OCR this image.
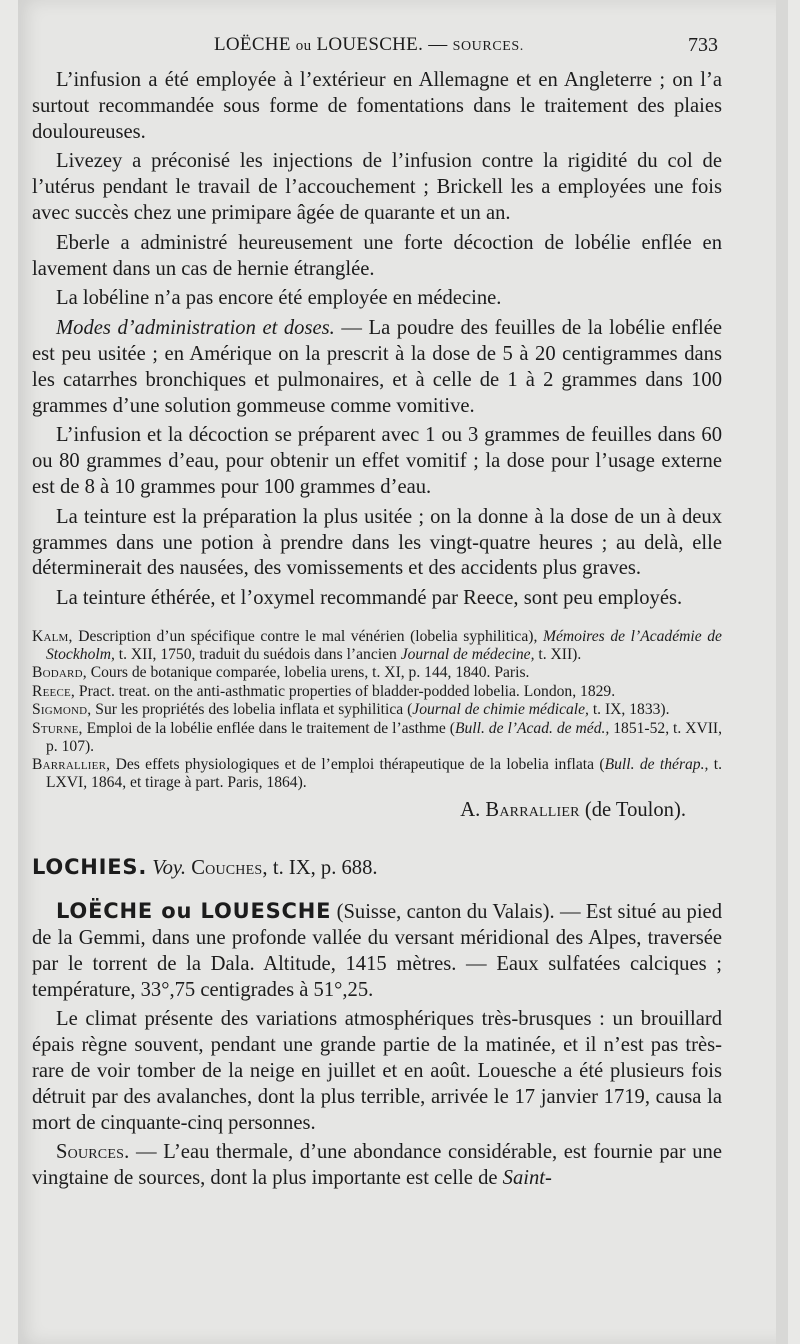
LOËCHE ou LOUESCHE. — SOURCES.	733

L’infusion a été employée à l’extérieur en Allemagne et en Angleterre ; on l’a surtout recommandée sous forme de fomentations dans le traitement des plaies douloureuses.

Livezey a préconisé les injections de l’infusion contre la rigidité du col de l’utérus pendant le travail de l’accouchement ; Brickell les a employées une fois avec succès chez une primipare âgée de quarante et un an.

Eberle a administré heureusement une forte décoction de lobélie enflée en lavement dans un cas de hernie étranglée.

La lobéline n’a pas encore été employée en médecine.

Modes d’administration et doses. — La poudre des feuilles de la lobélie enflée est peu usitée ; en Amérique on la prescrit à la dose de 5 à 20 centigrammes dans les catarrhes bronchiques et pulmonaires, et à celle de 1 à 2 grammes dans 100 grammes d’une solution gommeuse comme vomitive.

L’infusion et la décoction se préparent avec 1 ou 3 grammes de feuilles dans 60 ou 80 grammes d’eau, pour obtenir un effet vomitif ; la dose pour l’usage externe est de 8 à 10 grammes pour 100 grammes d’eau.

La teinture est la préparation la plus usitée ; on la donne à la dose de un à deux grammes dans une potion à prendre dans les vingt-quatre heures ; au delà, elle déterminerait des nausées, des vomissements et des accidents plus graves.

La teinture éthérée, et l’oxymel recommandé par Reece, sont peu employés.

Kalm, Description d’un spécifique contre le mal vénérien (lobelia syphilitica), Mémoires de l’Académie de Stockholm, t. XII, 1750, traduit du suédois dans l’ancien Journal de médecine, t. XII).

Bodard, Cours de botanique comparée, lobelia urens, t. XI, p. 144, 1840. Paris.

Reece, Pract. treat. on the anti-asthmatic properties of bladder-podded lobelia. London, 1829.

Sigmond, Sur les propriétés des lobelia inflata et syphilitica (Journal de chimie médicale, t. IX, 1833).

Sturne, Emploi de la lobélie enflée dans le traitement de l’asthme (Bull. de l’Acad. de méd., 1851-52, t. XVII, p. 107).

Barrallier, Des effets physiologiques et de l’emploi thérapeutique de la lobelia inflata (Bull. de thérap., t. LXVI, 1864, et tirage à part. Paris, 1864).

A. Barrallier (de Toulon).
LOCHIES. Voy. Couches, t. IX, p. 688.

LOËCHE ou LOUESCHE (Suisse, canton du Valais). — Est situé au pied de la Gemmi, dans une profonde vallée du versant méridional des Alpes, traversée par le torrent de la Dala. Altitude, 1415 mètres. — Eaux sulfatées calciques ; température, 33°,75 centigrades à 51°,25.

Le climat présente des variations atmosphériques très-brusques : un brouillard épais règne souvent, pendant une grande partie de la matinée, et il n’est pas très-rare de voir tomber de la neige en juillet et en août. Louesche a été plusieurs fois détruit par des avalanches, dont la plus terrible, arrivée le 17 janvier 1719, causa la mort de cinquante-cinq personnes.

Sources. — L’eau thermale, d’une abondance considérable, est fournie par une vingtaine de sources, dont la plus importante est celle de Saint-
